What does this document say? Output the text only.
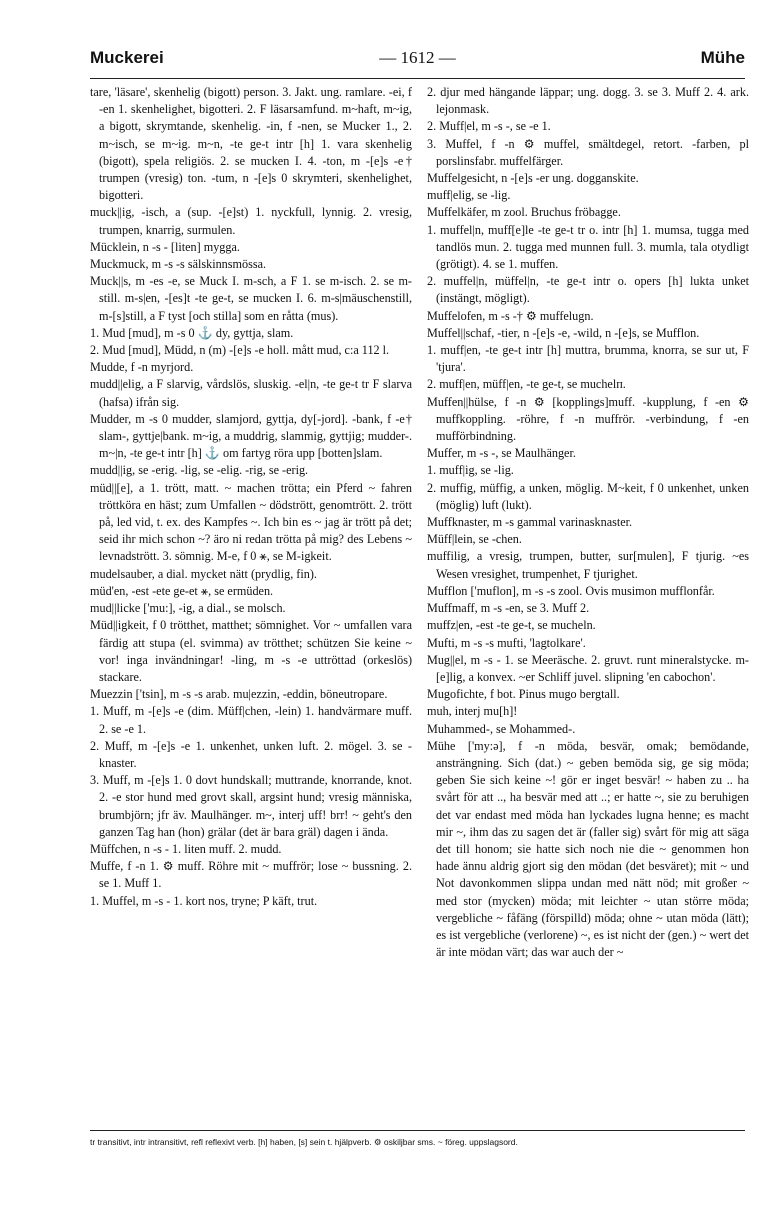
Muckerei	— 1612 —	Mühe

tare, 'läsare', skenhelig (bigott) person. 3. Jakt. ung. ramlare. -ei, f -en 1. skenhelighet, bigotteri. 2. F läsarsamfund. m~haft, m~ig, a bigott, skrymtande, skenhelig. -in, f -nen, se Mucker 1., 2. m~isch, se m~ig. m~n, -te ge-t intr [h] 1. vara skenhelig (bigott), spela religiös. 2. se mucken I. 4. -ton, m -[e]s -e† trumpen (vresig) ton. -tum, n -[e]s 0 skrymteri, skenhelighet, bigotteri.

muck||ig, -isch, a (sup. -[e]st) 1. nyckfull, lynnig. 2. vresig, trumpen, knarrig, surmulen.

Mücklein, n -s - [liten] mygga.

Muckmuck, m -s -s sälskinnsmössa.

Muck||s, m -es -e, se Muck I. m-sch, a F 1. se m-isch. 2. se m-still. m-s|en, -[es]t -te ge-t, se mucken I. 6. m-s|mäuschenstill, m-[s]still, a F tyst [och stilla] som en råtta (mus).

1. Mud [mud], m -s 0 ⚓ dy, gyttja, slam.

2. Mud [mud], Müdd, n (m) -[e]s -e holl. mått mud, c:a 112 l.

Mudde, f -n myrjord.

mudd||elig, a F slarvig, vårdslös, sluskig. -el|n, -te ge-t tr F slarva (hafsa) ifrån sig.

Mudder, m -s 0 mudder, slamjord, gyttja, dy[-jord]. -bank, f -e† slam-, gyttje|bank. m~ig, a muddrig, slammig, gyttjig; mudder-. m~|n, -te ge-t intr [h] ⚓ om fartyg röra upp [botten]slam.

mudd||ig, se -erig. -lig, se -elig. -rig, se -erig.

müd||[e], a 1. trött, matt. ~ machen trötta; ein Pferd ~ fahren tröttköra en häst; zum Umfallen ~ dödstrött, genomtrött. 2. trött på, led vid, t. ex. des Kampfes ~. Ich bin es ~ jag är trött på det; seid ihr mich schon ~? äro ni redan trötta på mig? des Lebens ~ levnadstrött. 3. sömnig. M-e, f 0 ⚹, se M-igkeit.

mudelsauber, a dial. mycket nätt (prydlig, fin).

müd'en, -est -ete ge-et ⚹, se ermüden.

mud||licke ['mu:], -ig, a dial., se molsch.

Müd||igkeit, f 0 trötthet, matthet; sömnighet. Vor ~ umfallen vara färdig att stupa (el. svimma) av trötthet; schützen Sie keine ~ vor! inga invändningar! -ling, m -s -e uttröttad (orkeslös) stackare.

Muezzin ['tsin], m -s -s arab. mu|ezzin, -eddin, böneutropare.

1. Muff, m -[e]s -e (dim. Müff|chen, -lein) 1. handvärmare muff. 2. se -e 1.

2. Muff, m -[e]s -e 1. unkenhet, unken luft. 2. mögel. 3. se -knaster.

3. Muff, m -[e]s 1. 0 dovt hundskall; muttrande, knorrande, knot. 2. -e stor hund med grovt skall, argsint hund; vresig människa, brumbjörn; jfr äv. Maulhänger. m~, interj uff! brr! ~ geht's den ganzen Tag han (hon) grälar (det är bara gräl) dagen i ända.

Müffchen, n -s - 1. liten muff. 2. mudd.

Muffe, f -n 1. ⚙ muff. Röhre mit ~ muffrör; lose ~ bussning. 2. se 1. Muff 1.

1. Muffel, m -s - 1. kort nos, tryne; P käft, trut.

2. djur med hängande läppar; ung. dogg. 3. se 3. Muff 2. 4. ark. lejonmask.

2. Muff|el, m -s -, se -e 1.

3. Muffel, f -n ⚙ muffel, smältdegel, retort. -farben, pl porslinsfabr. muffelfärger.

Muffelgesicht, n -[e]s -er ung. dogganskite.

muff|elig, se -lig.

Muffelkäfer, m zool. Bruchus fröbagge.

1. muffel|n, muff[e]le -te ge-t tr o. intr [h] 1. mumsa, tugga med tandlös mun. 2. tugga med munnen full. 3. mumla, tala otydligt (grötigt). 4. se 1. muffen.

2. muffel|n, müffel|n, -te ge-t intr o. opers [h] lukta unket (instängt, mögligt).

Muffelofen, m -s -† ⚙ muffelugn.

Muffel||schaf, -tier, n -[e]s -e, -wild, n -[e]s, se Mufflon.

1. muff|en, -te ge-t intr [h] muttra, brumma, knorra, se sur ut, F 'tjura'.

2. muff|en, müff|en, -te ge-t, se muchelп.

Muffen||hülse, f -n ⚙ [kopplings]muff. -kupplung, f -en ⚙ muffkoppling. -röhre, f -n muffrör. -verbindung, f -en mufförbindning.

Muffer, m -s -, se Maulhänger.

1. muff|ig, se -lig.

2. muffig, müffig, a unken, möglig. M~keit, f 0 unkenhet, unken (möglig) luft (lukt).

Muffknaster, m -s gammal varinasknaster.

Müff|lein, se -chen.

muffilig, a vresig, trumpen, butter, sur[mulen], F tjurig. ~es Wesen vresighet, trumpenhet, F tjurighet.

Mufflon ['muflon], m -s -s zool. Ovis musimon mufflonfår.

Muffmaff, m -s -en, se 3. Muff 2.

muffz|en, -est -te ge-t, se mucheln.

Mufti, m -s -s mufti, 'lagtolkare'.

Mug||el, m -s - 1. se Meeräsche. 2. gruvt. runt mineralstycke. m-[e]lig, a konvex. ~er Schliff juvel. slipning 'en cabochon'.

Mugofichte, f bot. Pinus mugo bergtall.

muh, interj mu[h]!

Muhammed-, se Mohammed-.

Mühe ['my:ə], f -n möda, besvär, omak; bemödande, ansträngning. Sich (dat.) ~ geben bemöda sig, ge sig möda; geben Sie sich keine ~! gör er inget besvär! ~ haben zu .. ha svårt för att .., ha besvär med att ..; er hatte ~, sie zu beruhigen det var endast med möda han lyckades lugna henne; es macht mir ~, ihm das zu sagen det är (faller sig) svårt för mig att säga det till honom; sie hatte sich noch nie die ~ genommen hon hade ännu aldrig gjort sig den mödan (det besväret); mit ~ und Not davonkommen slippa undan med nätt nöd; mit großer ~ med stor (mycken) möda; mit leichter ~ utan större möda; vergebliche ~ fåfäng (förspilld) möda; ohne ~ utan möda (lätt); es ist vergebliche (verlorene) ~, es ist nicht der (gen.) ~ wert det är inte mödan värt; das war auch der ~

tr transitivt, intr intransitivt, refl reflexivt verb. [h] haben, [s] sein t. hjälpverb. ⚙ oskiljbar sms. ~ föreg. uppslagsord.
